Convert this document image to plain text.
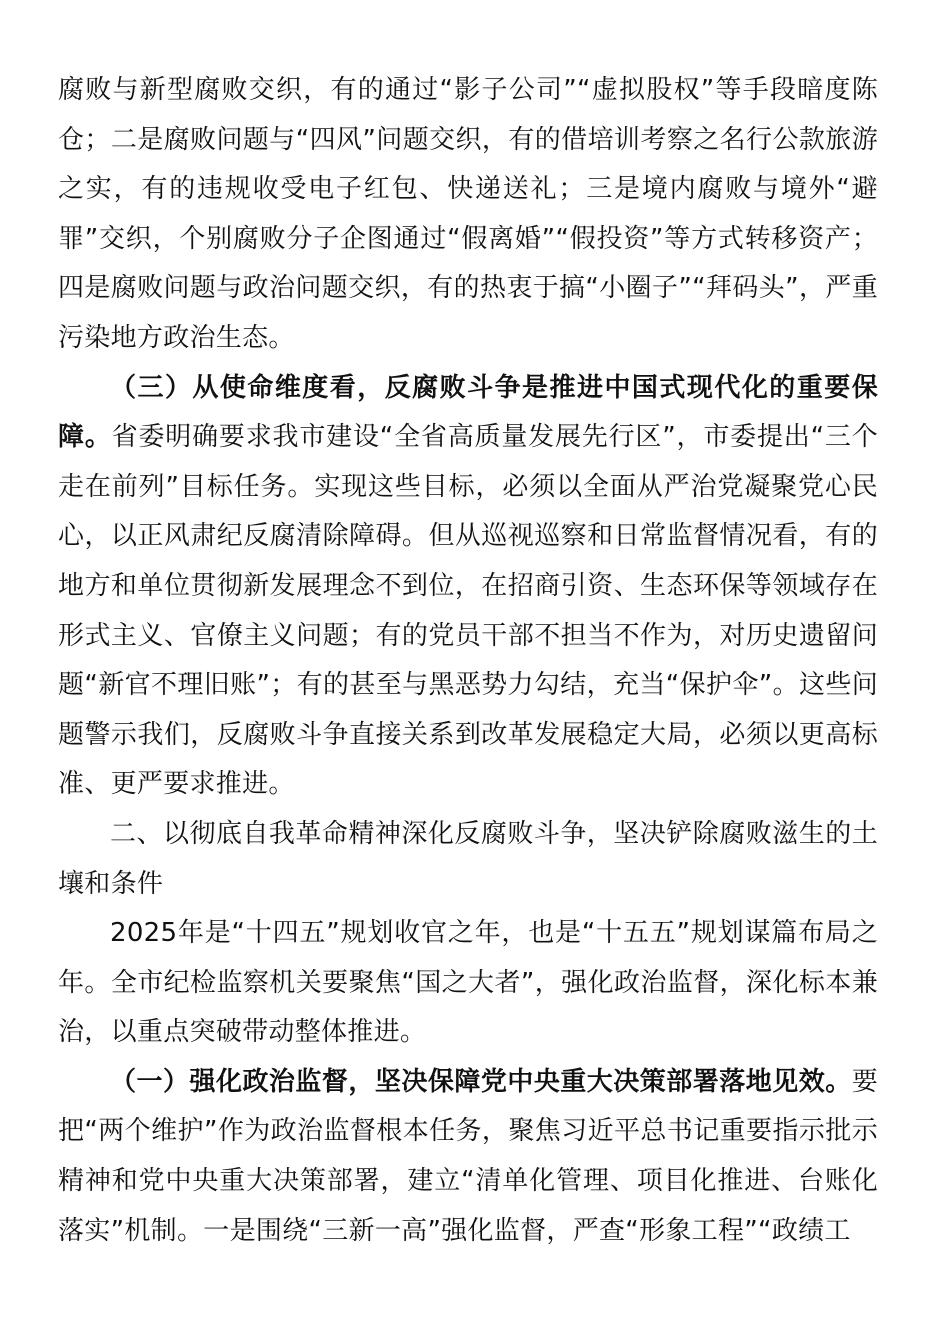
腐败与新型腐败交织，有的通过“影子公司”“虚拟股权”等手段暗度陈仓；二是腐败问题与“四风”问题交织，有的借培训考察之名行公款旅游之实，有的违规收受电子红包、快递送礼；三是境内腐败与境外“避罪”交织，个别腐败分子企图通过“假离婚”“假投资”等方式转移资产；四是腐败问题与政治问题交织，有的热衷于搞“小圈子”“拜码头”，严重污染地方政治生态。

（三）从使命维度看，反腐败斗争是推进中国式现代化的重要保障。省委明确要求我市建设“全省高质量发展先行区”，市委提出“三个走在前列”目标任务。实现这些目标，必须以全面从严治党凝聚党心民心，以正风肃纪反腐清除障碍。但从巡视巡察和日常监督情况看，有的地方和单位贯彻新发展理念不到位，在招商引资、生态环保等领域存在形式主义、官僚主义问题；有的党员干部不担当不作为，对历史遗留问题“新官不理旧账”；有的甚至与黑恶势力勾结，充当“保护伞”。这些问题警示我们，反腐败斗争直接关系到改革发展稳定大局，必须以更高标准、更严要求推进。

二、以彻底自我革命精神深化反腐败斗争，坚决铲除腐败滋生的土壤和条件

2025年是“十四五”规划收官之年，也是“十五五”规划谋篇布局之年。全市纪检监察机关要聚焦“国之大者”，强化政治监督，深化标本兼治，以重点突破带动整体推进。

（一）强化政治监督，坚决保障党中央重大决策部署落地见效。要把“两个维护”作为政治监督根本任务，聚焦习近平总书记重要指示批示精神和党中央重大决策部署，建立“清单化管理、项目化推进、台账化落实”机制。一是围绕“三新一高”强化监督，严查“形象工程”“政绩工
